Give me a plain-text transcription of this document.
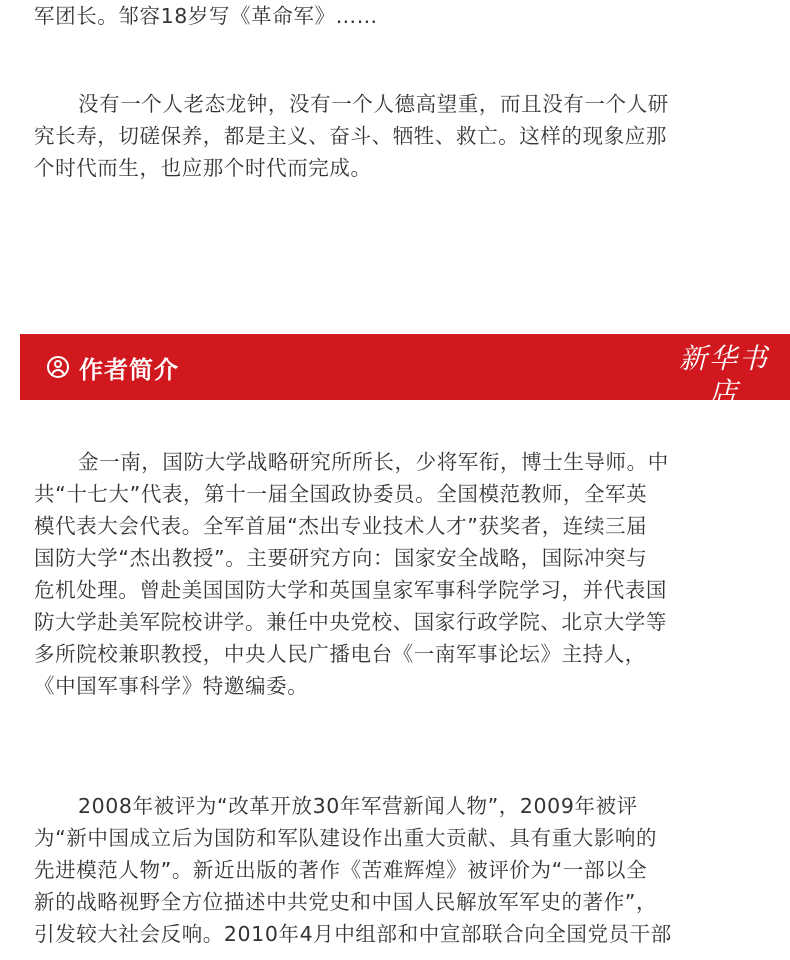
军团长。邹容18岁写《革命军》……
没有一个人老态龙钟，没有一个人德高望重，而且没有一个人研
究长寿，切磋保养，都是主义、奋斗、牺牲、救亡。这样的现象应那
个时代而生，也应那个时代而完成。
作者简介	新华书店
XINHUA BOOKSTORE
金一南，国防大学战略研究所所长，少将军衔，博士生导师。中
共“十七大”代表，第十一届全国政协委员。全国模范教师，全军英
模代表大会代表。全军首届“杰出专业技术人才”获奖者，连续三届
国防大学“杰出教授”。主要研究方向：国家安全战略，国际冲突与
危机处理。曾赴美国国防大学和英国皇家军事科学院学习，并代表国
防大学赴美军院校讲学。兼任中央党校、国家行政学院、北京大学等
多所院校兼职教授，中央人民广播电台《一南军事论坛》主持人，
《中国军事科学》特邀编委。
2008年被评为“改革开放30年军营新闻人物”，2009年被评
为“新中国成立后为国防和军队建设作出重大贡献、具有重大影响的
先进模范人物”。新近出版的著作《苦难辉煌》被评价为“一部以全
新的战略视野全方位描述中共党史和中国人民解放军军史的著作”，
引发较大社会反响。2010年4月中组部和中宣部联合向全国党员干部
